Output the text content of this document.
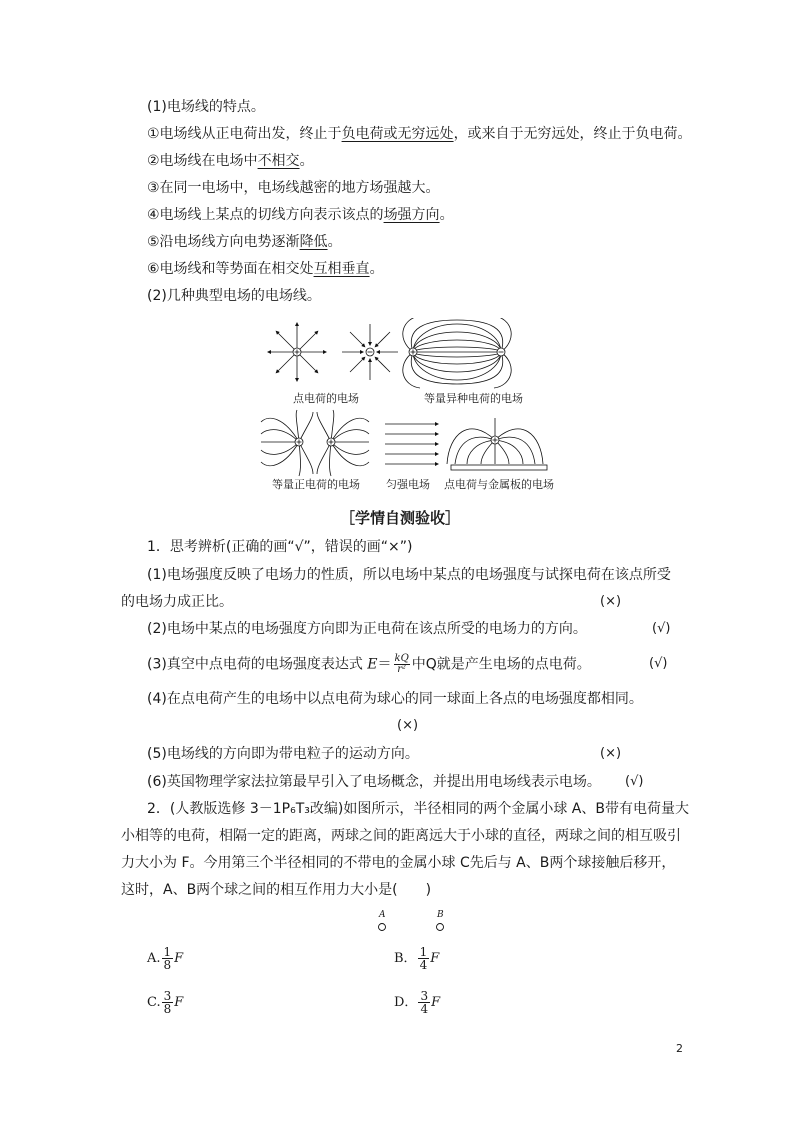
(1)电场线的特点。
①电场线从正电荷出发，终止于负电荷或无穷远处，或来自于无穷远处，终止于负电荷。
②电场线在电场中不相交。
③在同一电场中，电场线越密的地方场强越大。
④电场线上某点的切线方向表示该点的场强方向。
⑤沿电场线方向电势逐渐降低。
⑥电场线和等势面在相交处互相垂直。
(2)几种典型电场的电场线。
点电荷的电场	等量异种电荷的电场
等量正电荷的电场 匀强电场 点电荷与金属板的电场
［学情自测验收］
1．思考辨析(正确的画“√”，错误的画“×”)
(1)电场强度反映了电场力的性质，所以电场中某点的电场强度与试探电荷在该点所受
的电场力成正比。	(×)
(2)电场中某点的电场强度方向即为正电荷在该点所受的电场力的方向。	(√)
(3)真空中点电荷的电场强度表达式 $E= \frac{kQ}{\text{r²}}$ 中Q就是产生电场的点电荷。	(√)
(4)在点电荷产生的电场中以点电荷为球心的同一球面上各点的电场强度都相同。
(×)
(5)电场线的方向即为带电粒子的运动方向。	(×)
(6)英国物理学家法拉第最早引入了电场概念，并提出用电场线表示电场。 (√)
2．(人教版选修 3－1P₆T₃改编)如图所示，半径相同的两个金属小球 A、B带有电荷量大
小相等的电荷，相隔一定的距离，两球之间的距离远大于小球的直径，两球之间的相互吸引
力大小为 F。今用第三个半径相同的不带电的金属小球 C先后与 A、B两个球接触后移开，
这时，A、B两个球之间的相互作用力大小是(　　)
A	B
A. $\frac{1}{8}$ F	B． $\frac{1}{4}$ F
C. $\frac{3}{8}$ F	D． $\frac{3}{4}$ F
2
